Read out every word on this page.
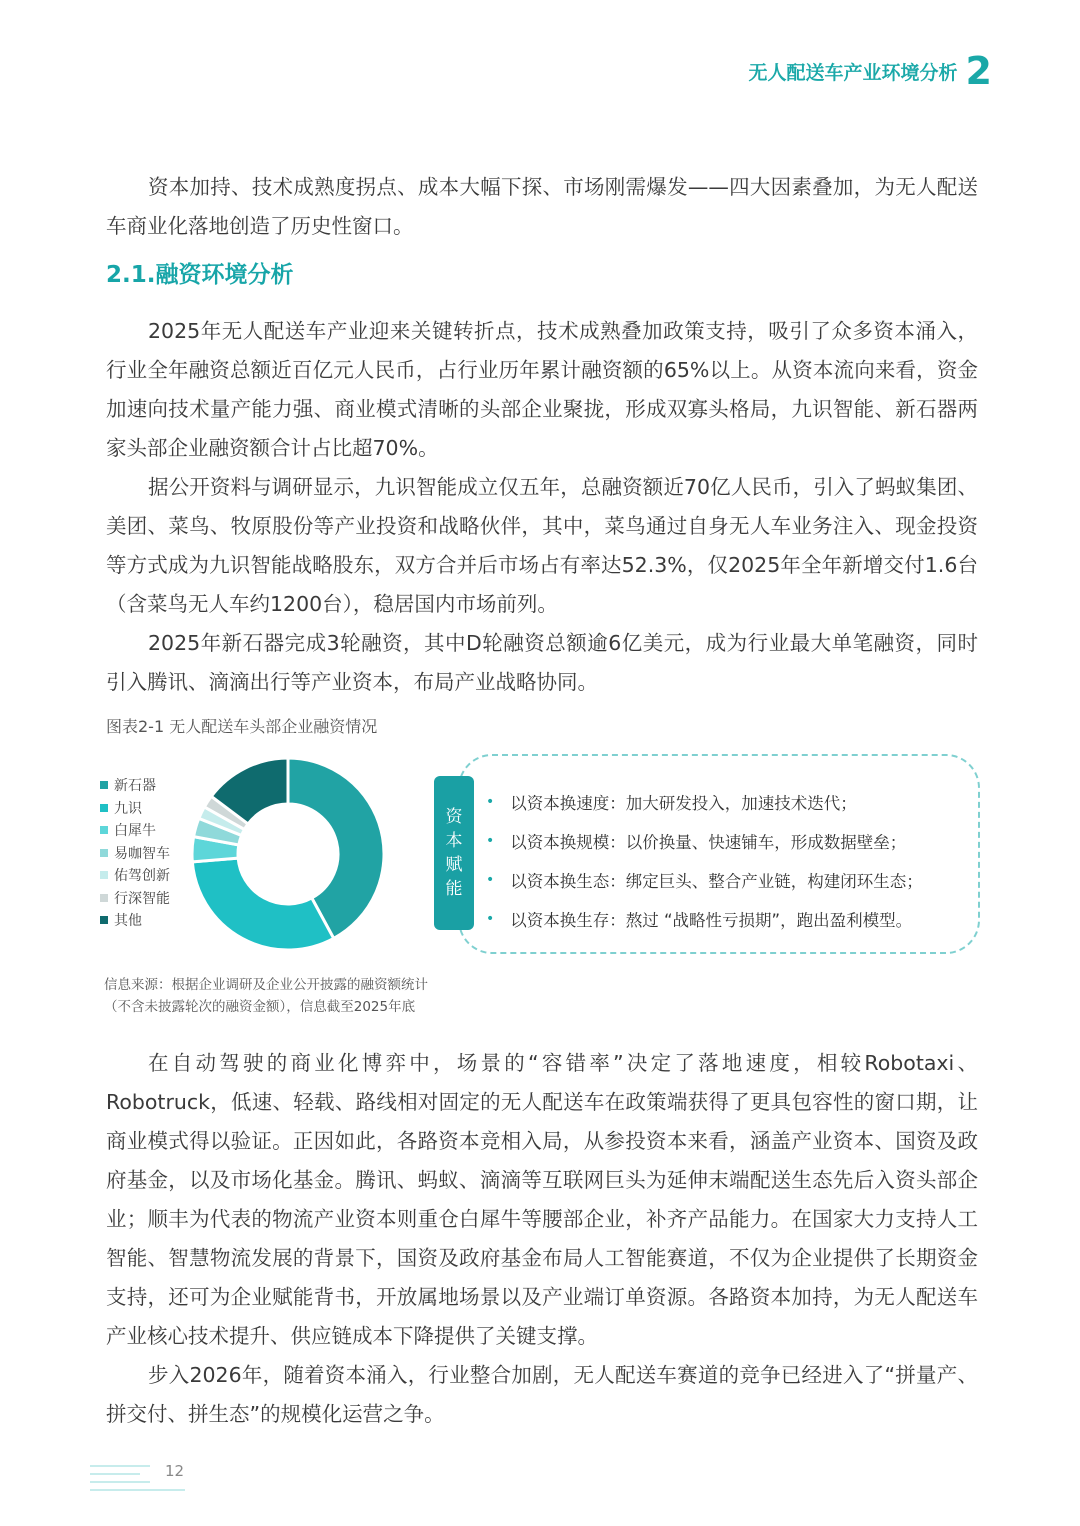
无人配送车产业环境分析 2

资本加持、技术成熟度拐点、成本大幅下探、市场刚需爆发——四大因素叠加，为无人配送车商业化落地创造了历史性窗口。

2.1.融资环境分析

2025年无人配送车产业迎来关键转折点，技术成熟叠加政策支持，吸引了众多资本涌入，行业全年融资总额近百亿元人民币，占行业历年累计融资额的65%以上。从资本流向来看，资金加速向技术量产能力强、商业模式清晰的头部企业聚拢，形成双寡头格局，九识智能、新石器两家头部企业融资额合计占比超70%。

据公开资料与调研显示，九识智能成立仅五年，总融资额近70亿人民币，引入了蚂蚁集团、美团、菜鸟、牧原股份等产业投资和战略伙伴，其中，菜鸟通过自身无人车业务注入、现金投资等方式成为九识智能战略股东，双方合并后市场占有率达52.3%，仅2025年全年新增交付1.6台（含菜鸟无人车约1200台），稳居国内市场前列。

2025年新石器完成3轮融资，其中D轮融资总额逾6亿美元，成为行业最大单笔融资，同时引入腾讯、滴滴出行等产业资本，布局产业战略协同。

图表2-1 无人配送车头部企业融资情况
新石器
九识
白犀牛
易咖智车
佑驾创新
行深智能
其他
资
本
赋
能
• 以资本换速度：加大研发投入，加速技术迭代；
• 以资本换规模：以价换量、快速铺车，形成数据壁垒；
• 以资本换生态：绑定巨头、整合产业链，构建闭环生态；
• 以资本换生存：熬过 “战略性亏损期”，跑出盈利模型。
信息来源：根据企业调研及企业公开披露的融资额统计
（不含未披露轮次的融资金额），信息截至2025年底

在自动驾驶的商业化博弈中，场景的“容错率”决定了落地速度，相较Robotaxi、Robotruck，低速、轻载、路线相对固定的无人配送车在政策端获得了更具包容性的窗口期，让商业模式得以验证。正因如此，各路资本竞相入局，从参投资本来看，涵盖产业资本、国资及政府基金，以及市场化基金。腾讯、蚂蚁、滴滴等互联网巨头为延伸末端配送生态先后入资头部企业；顺丰为代表的物流产业资本则重仓白犀牛等腰部企业，补齐产品能力。在国家大力支持人工智能、智慧物流发展的背景下，国资及政府基金布局人工智能赛道，不仅为企业提供了长期资金支持，还可为企业赋能背书，开放属地场景以及产业端订单资源。各路资本加持，为无人配送车产业核心技术提升、供应链成本下降提供了关键支撑。

步入2026年，随着资本涌入，行业整合加剧，无人配送车赛道的竞争已经进入了“拼量产、拼交付、拼生态”的规模化运营之争。

12
